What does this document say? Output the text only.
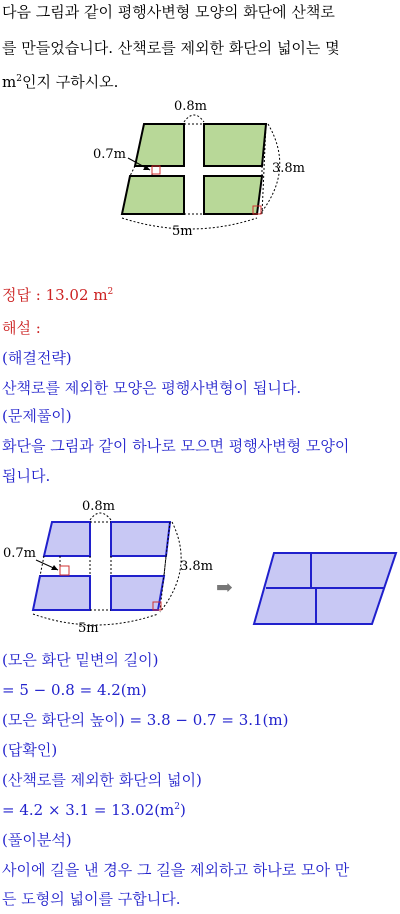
다음 그림과 같이 평행사변형 모양의 화단에 산책로
를 만들었습니다. 산책로를 제외한 화단의 넓이는 몇
$m^2$인지 구하시오.
0.8m
0.7m
3.8m
5m
정답 : 13.02 $m^2$
해설 :
(해결전략)
산책로를 제외한 모양은 평행사변형이 됩니다.
(문제풀이)
화단을 그림과 같이 하나로 모으면 평행사변형 모양이
됩니다.
0.8m
0.7m
3.8m
5m
➡
(모은 화단 밑변의 길이)
= 5 − 0.8 = 4.2(m)
(모은 화단의 높이) = 3.8 − 0.7 = 3.1(m)
(답확인)
(산책로를 제외한 화단의 넓이)
= $4.2 \times 3.1 = 13.02(m^2)$
(풀이분석)
사이에 길을 낸 경우 그 길을 제외하고 하나로 모아 만
든 도형의 넓이를 구합니다.
